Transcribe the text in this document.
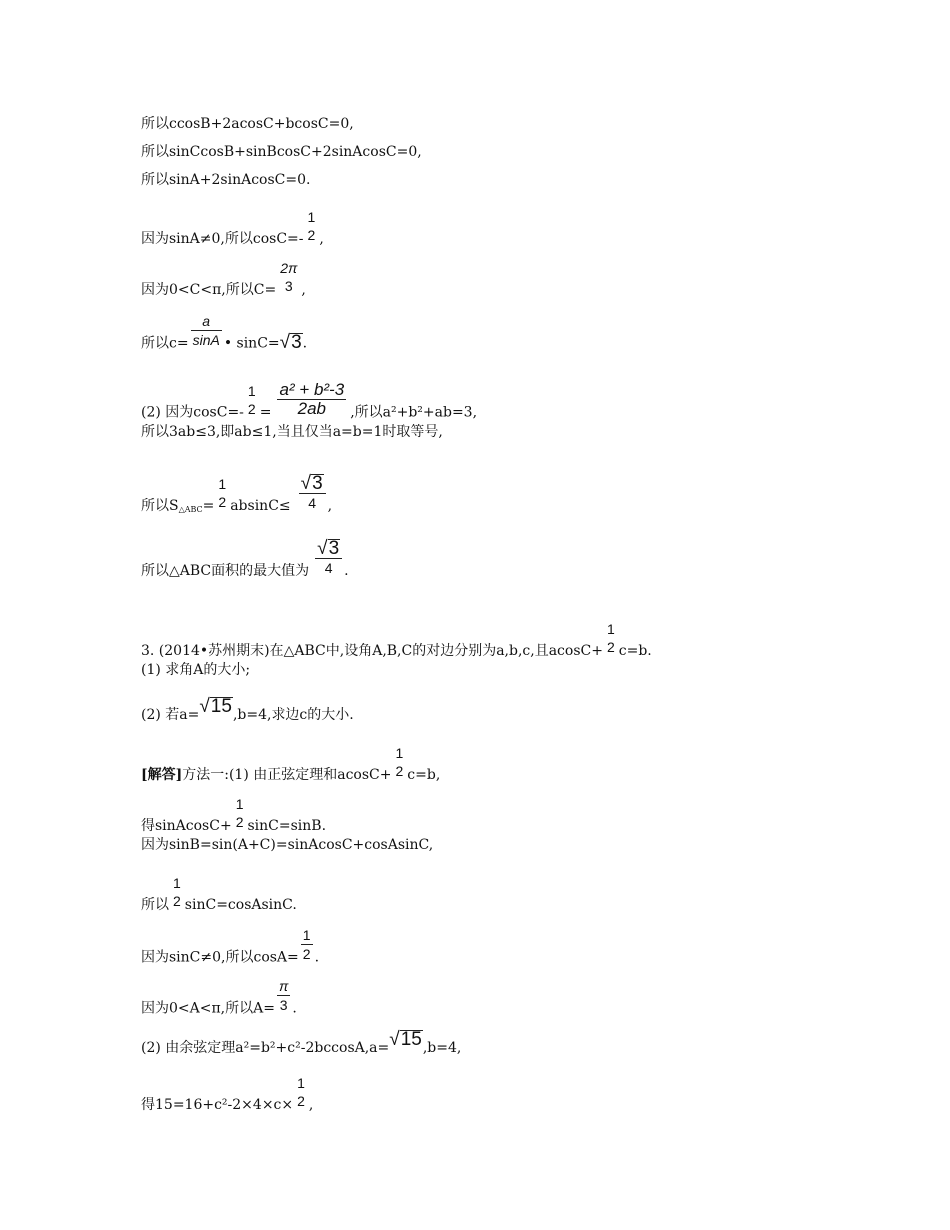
所以ccosB+2acosC+bcosC=0,
所以sinCcosB+sinBcosC+2sinAcosC=0,
所以sinA+2sinAcosC=0.
因为sinA≠0,所以cosC=-
1
2 ,
因为0<C<π,所以C=
2π
3 ,
所以$c= \frac{a}{\sin A}$ • sinC=√3.
(2) 因为cosC=-
1
$2 = \frac{\text{a² + b²-3}}{2ab}$ ,所以a²+b²+ab=3,
所以3ab≤3,即ab≤1,当且仅当a=b=1时取等号,
所以$S_{\triangle ABC}=$
1
2 $absinC\le \frac{√3}{4}$ ,
所以△ABC面积的最大值为 $\frac{√3}{4}$ .
3. (2014•苏州期末)在△ABC中,设角A,B,C的对边分别为a,b,c,且acosC+
1
2 c=b.
(1) 求角A的大小;
(2) 若a=√15,b=4,求边c的大小.
[解答]方法一:(1) 由正弦定理和acosC+
1
2 c=b,
得sinAcosC+
1
2 sinC=sinB.
因为sinB=sin(A+C)=sinAcosC+cosAsinC,
所以
1
2 sinC=cosAsinC.
因为sinC≠0,所以$\cos A= \frac{1}{2}$ .
因为0<A<π,所以$A= \frac{\pi}{3}$ .
(2) 由余弦定理a²=b²+c²-2bccosA,a=√15,b=4,
得15=16+c²-2×4×c×
1
2 ,
